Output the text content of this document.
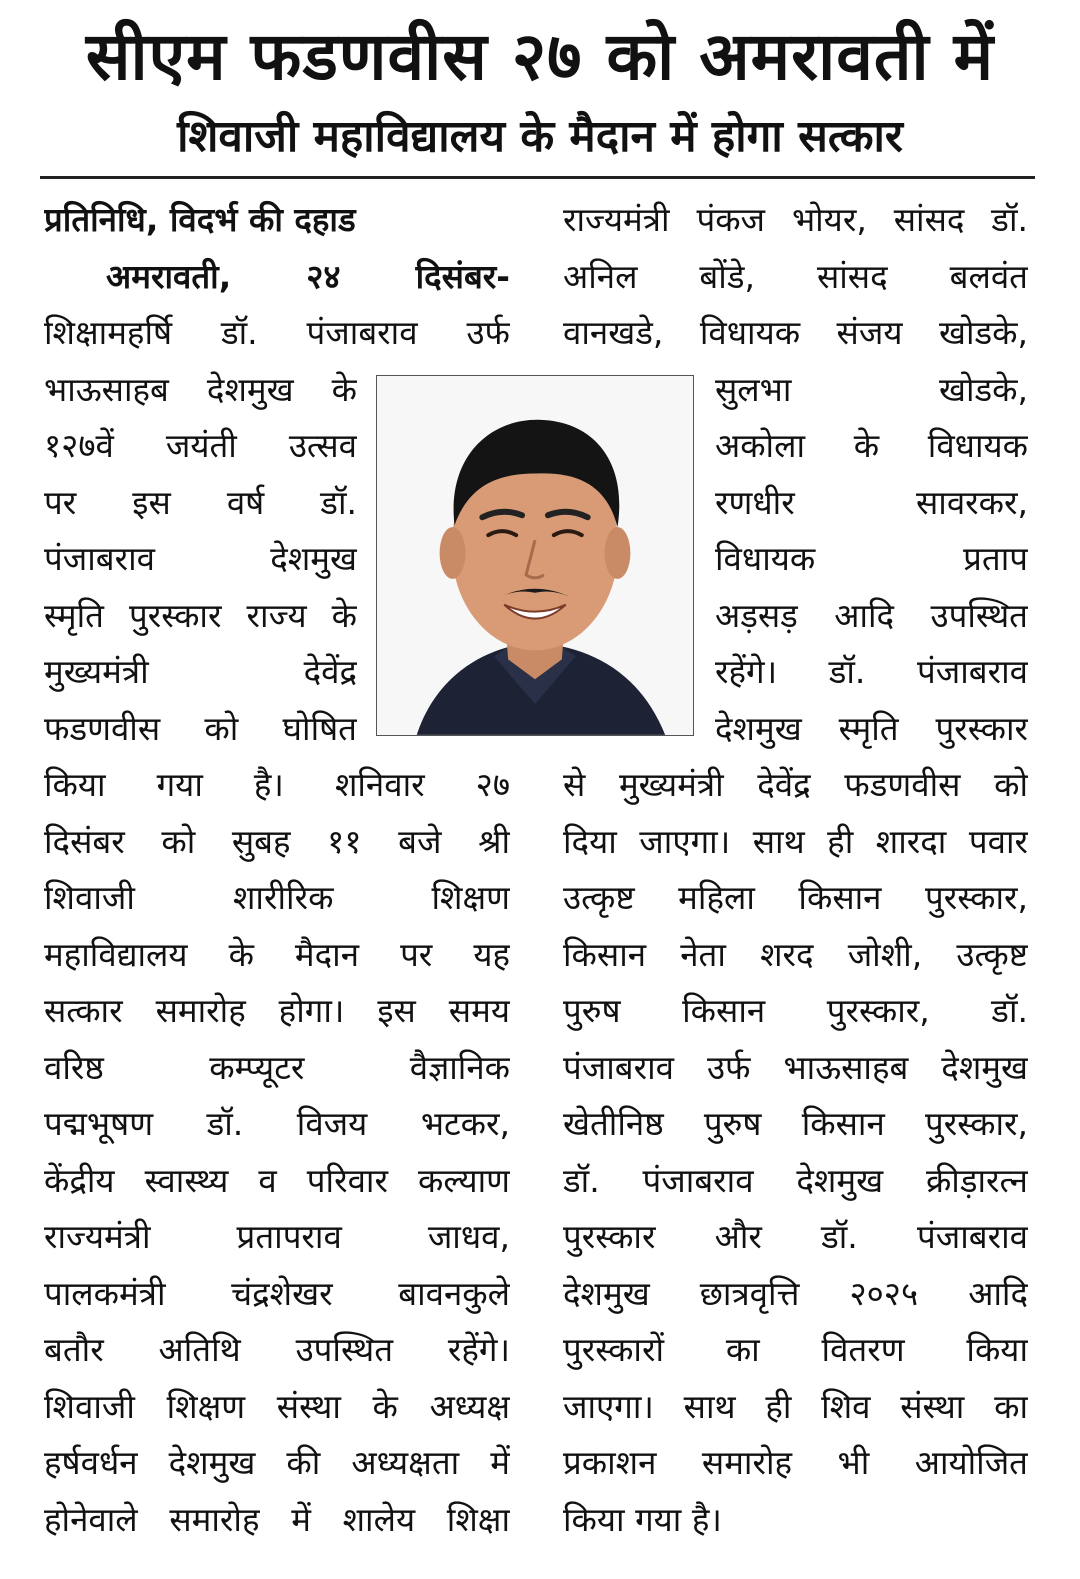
सीएम फडणवीस २७ को अमरावती में
शिवाजी महाविद्यालय के मैदान में होगा सत्कार
प्रतिनिधि, विदर्भ की दहाड
अमरावती, २४ दिसंबर-
शिक्षामहर्षि डॉ. पंजाबराव उर्फ
भाऊसाहब देशमुख के
१२७वें जयंती उत्सव
पर इस वर्ष डॉ.
पंजाबराव देशमुख
स्मृति पुरस्कार राज्य के
मुख्यमंत्री देवेंद्र
फडणवीस को घोषित
किया गया है। शनिवार २७
दिसंबर को सुबह ११ बजे श्री
शिवाजी शारीरिक शिक्षण
महाविद्यालय के मैदान पर यह
सत्कार समारोह होगा। इस समय
वरिष्ठ कम्प्यूटर वैज्ञानिक
पद्मभूषण डॉ. विजय भटकर,
केंद्रीय स्वास्थ्य व परिवार कल्याण
राज्यमंत्री प्रतापराव जाधव,
पालकमंत्री चंद्रशेखर बावनकुले
बतौर अतिथि उपस्थित रहेंगे।
शिवाजी शिक्षण संस्था के अध्यक्ष
हर्षवर्धन देशमुख की अध्यक्षता में
होनेवाले समारोह में शालेय शिक्षा
राज्यमंत्री पंकज भोयर, सांसद डॉ.
अनिल बोंडे, सांसद बलवंत
वानखडे, विधायक संजय खोडके,
सुलभा खोडके,
अकोला के विधायक
रणधीर सावरकर,
विधायक प्रताप
अड़सड़ आदि उपस्थित
रहेंगे। डॉ. पंजाबराव
देशमुख स्मृति पुरस्कार
से मुख्यमंत्री देवेंद्र फडणवीस को
दिया जाएगा। साथ ही शारदा पवार
उत्कृष्ट महिला किसान पुरस्कार,
किसान नेता शरद जोशी, उत्कृष्ट
पुरुष किसान पुरस्कार, डॉ.
पंजाबराव उर्फ भाऊसाहब देशमुख
खेतीनिष्ठ पुरुष किसान पुरस्कार,
डॉ. पंजाबराव देशमुख क्रीड़ारत्न
पुरस्कार और डॉ. पंजाबराव
देशमुख छात्रवृत्ति २०२५ आदि
पुरस्कारों का वितरण किया
जाएगा। साथ ही शिव संस्था का
प्रकाशन समारोह भी आयोजित
किया गया है।
